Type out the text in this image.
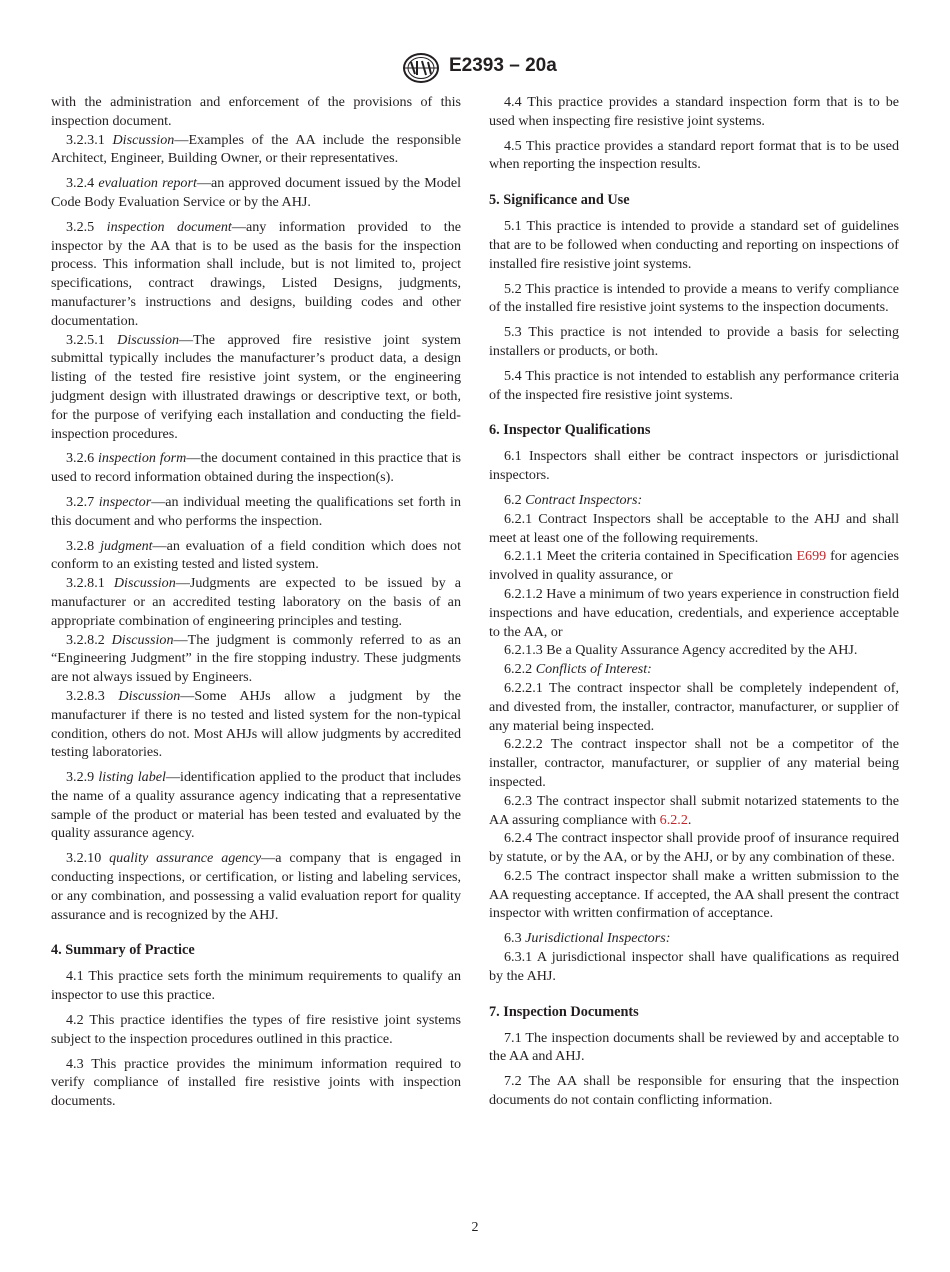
E2393 – 20a

with the administration and enforcement of the provisions of this inspection document.

3.2.3.1 Discussion—Examples of the AA include the responsible Architect, Engineer, Building Owner, or their representatives.

3.2.4 evaluation report—an approved document issued by the Model Code Body Evaluation Service or by the AHJ.

3.2.5 inspection document—any information provided to the inspector by the AA that is to be used as the basis for the inspection process. This information shall include, but is not limited to, project specifications, contract drawings, Listed Designs, judgments, manufacturer’s instructions and designs, building codes and other documentation.

3.2.5.1 Discussion—The approved fire resistive joint system submittal typically includes the manufacturer’s product data, a design listing of the tested fire resistive joint system, or the engineering judgment design with illustrated drawings or descriptive text, or both, for the purpose of verifying each installation and conducting the field-inspection procedures.

3.2.6 inspection form—the document contained in this practice that is used to record information obtained during the inspection(s).

3.2.7 inspector—an individual meeting the qualifications set forth in this document and who performs the inspection.

3.2.8 judgment—an evaluation of a field condition which does not conform to an existing tested and listed system.

3.2.8.1 Discussion—Judgments are expected to be issued by a manufacturer or an accredited testing laboratory on the basis of an appropriate combination of engineering principles and testing.

3.2.8.2 Discussion—The judgment is commonly referred to as an “Engineering Judgment” in the fire stopping industry. These judgments are not always issued by Engineers.

3.2.8.3 Discussion—Some AHJs allow a judgment by the manufacturer if there is no tested and listed system for the non-typical condition, others do not. Most AHJs will allow judgments by accredited testing laboratories.

3.2.9 listing label—identification applied to the product that includes the name of a quality assurance agency indicating that a representative sample of the product or material has been tested and evaluated by the quality assurance agency.

3.2.10 quality assurance agency—a company that is engaged in conducting inspections, or certification, or listing and labeling services, or any combination, and possessing a valid evaluation report for quality assurance and is recognized by the AHJ.

4. Summary of Practice

4.1 This practice sets forth the minimum requirements to qualify an inspector to use this practice.

4.2 This practice identifies the types of fire resistive joint systems subject to the inspection procedures outlined in this practice.

4.3 This practice provides the minimum information required to verify compliance of installed fire resistive joints with inspection documents.

4.4 This practice provides a standard inspection form that is to be used when inspecting fire resistive joint systems.

4.5 This practice provides a standard report format that is to be used when reporting the inspection results.

5. Significance and Use

5.1 This practice is intended to provide a standard set of guidelines that are to be followed when conducting and reporting on inspections of installed fire resistive joint systems.

5.2 This practice is intended to provide a means to verify compliance of the installed fire resistive joint systems to the inspection documents.

5.3 This practice is not intended to provide a basis for selecting installers or products, or both.

5.4 This practice is not intended to establish any performance criteria of the inspected fire resistive joint systems.

6. Inspector Qualifications

6.1 Inspectors shall either be contract inspectors or jurisdictional inspectors.

6.2 Contract Inspectors:

6.2.1 Contract Inspectors shall be acceptable to the AHJ and shall meet at least one of the following requirements.

6.2.1.1 Meet the criteria contained in Specification E699 for agencies involved in quality assurance, or

6.2.1.2 Have a minimum of two years experience in construction field inspections and have education, credentials, and experience acceptable to the AA, or

6.2.1.3 Be a Quality Assurance Agency accredited by the AHJ.

6.2.2 Conflicts of Interest:

6.2.2.1 The contract inspector shall be completely independent of, and divested from, the installer, contractor, manufacturer, or supplier of any material being inspected.

6.2.2.2 The contract inspector shall not be a competitor of the installer, contractor, manufacturer, or supplier of any material being inspected.

6.2.3 The contract inspector shall submit notarized statements to the AA assuring compliance with 6.2.2.

6.2.4 The contract inspector shall provide proof of insurance required by statute, or by the AA, or by the AHJ, or by any combination of these.

6.2.5 The contract inspector shall make a written submission to the AA requesting acceptance. If accepted, the AA shall present the contract inspector with written confirmation of acceptance.

6.3 Jurisdictional Inspectors:

6.3.1 A jurisdictional inspector shall have qualifications as required by the AHJ.

7. Inspection Documents

7.1 The inspection documents shall be reviewed by and acceptable to the AA and AHJ.

7.2 The AA shall be responsible for ensuring that the inspection documents do not contain conflicting information.

2
